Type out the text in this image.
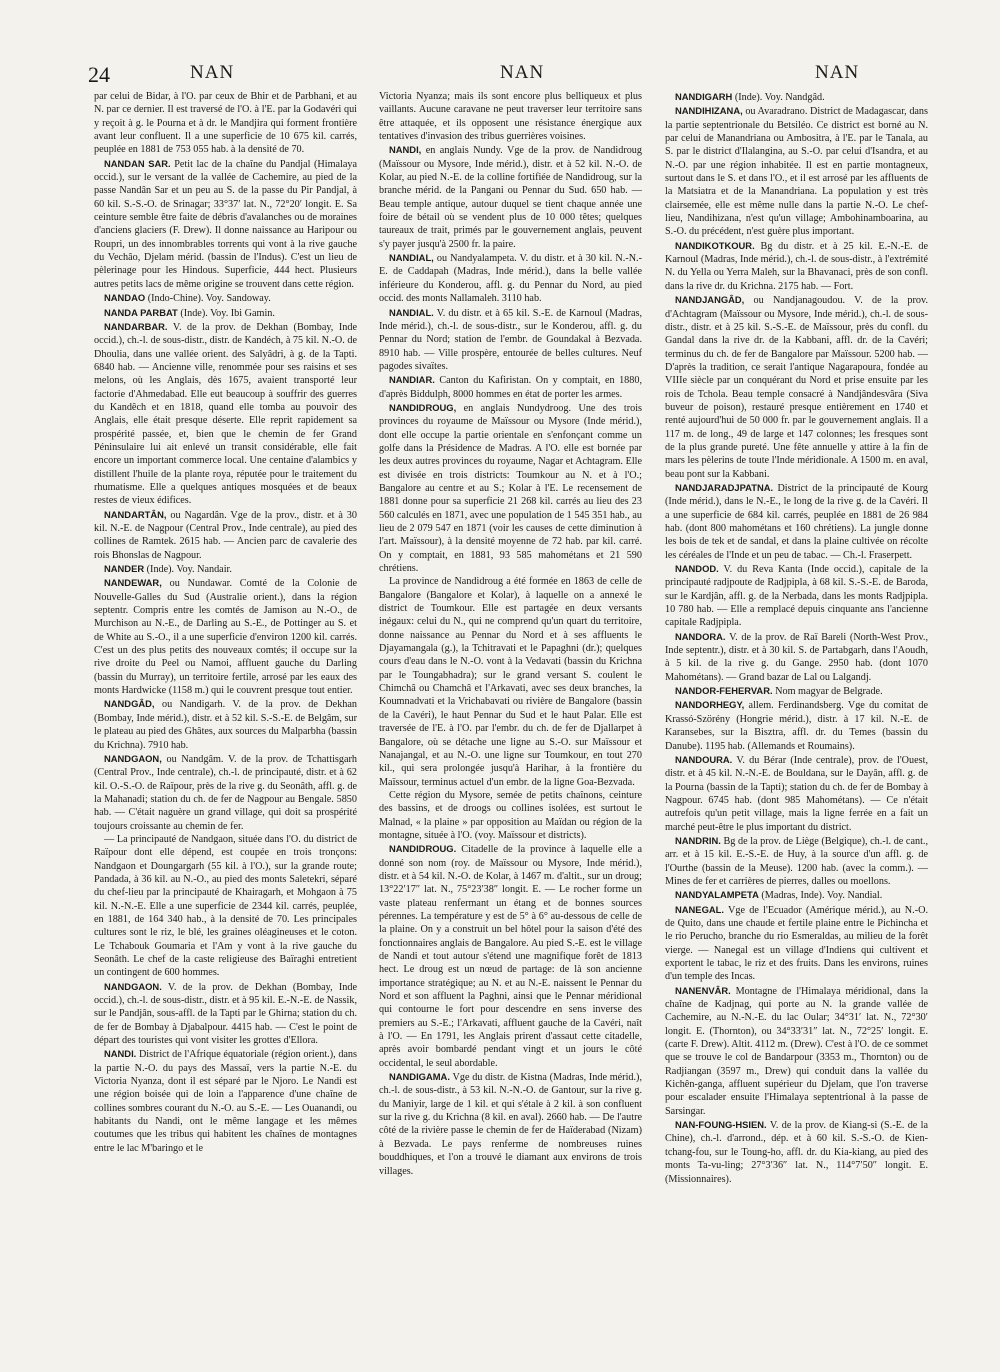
24	NAN	NAN	NAN

par celui de Bidar, à l'O. par ceux de Bhir et de Parbhani, et au N. par ce dernier. Il est traversé de l'O. à l'E. par la Godavéri qui y reçoit à g. le Pourna et à dr. le Mandjira qui forment frontière avant leur confluent. Il a une superficie de 10 675 kil. carrés, peuplée en 1881 de 753 055 hab. à la densité de 70.

NANDAN SAR. Petit lac de la chaîne du Pandjal (Himalaya occid.), sur le versant de la vallée de Cachemire, au pied de la passe Nandân Sar et un peu au S. de la passe du Pir Pandjal, à 60 kil. S.-S.-O. de Srinagar; 33°37′ lat. N., 72°20′ longit. E. Sa ceinture semble être faite de débris d'avalanches ou de moraines d'anciens glaciers (F. Drew). Il donne naissance au Haripour ou Roupri, un des innombrables torrents qui vont à la rive gauche du Vechâo, Djelam mérid. (bassin de l'Indus). C'est un lieu de pèlerinage pour les Hindous. Superficie, 444 hect. Plusieurs autres petits lacs de même origine se trouvent dans cette région.

NANDAO (Indo-Chine). Voy. Sandoway.

NANDA PARBAT (Inde). Voy. Ibi Gamin.

NANDARBAR. V. de la prov. de Dekhan (Bombay, Inde occid.), ch.-l. de sous-distr., distr. de Kandéch, à 75 kil. N.-O. de Dhoulia, dans une vallée orient. des Salyâdri, à g. de la Tapti. 6840 hab. — Ancienne ville, renommée pour ses raisins et ses melons, où les Anglais, dès 1675, avaient transporté leur factorie d'Ahmedabad. Elle eut beaucoup à souffrir des guerres du Kandêch et en 1818, quand elle tomba au pouvoir des Anglais, elle était presque déserte. Elle reprit rapidement sa prospérité passée, et, bien que le chemin de fer Grand Péninsulaire lui ait enlevé un transit considérable, elle fait encore un important commerce local. Une centaine d'alambics y distillent l'huile de la plante roya, réputée pour le traitement du rhumatisme. Elle a quelques antiques mosquées et de beaux restes de vieux édifices.

NANDARTÂN, ou Nagardân. Vge de la prov., distr. et à 30 kil. N.-E. de Nagpour (Central Prov., Inde centrale), au pied des collines de Ramtek. 2615 hab. — Ancien parc de cavalerie des rois Bhonslas de Nagpour.

NANDER (Inde). Voy. Nandair.

NANDEWAR, ou Nundawar. Comté de la Colonie de Nouvelle-Galles du Sud (Australie orient.), dans la région septentr. Compris entre les comtés de Jamison au N.-O., de Murchison au N.-E., de Darling au S.-E., de Pottinger au S. et de White au S.-O., il a une superficie d'environ 1200 kil. carrés. C'est un des plus petits des nouveaux comtés; il occupe sur la rive droite du Peel ou Namoi, affluent gauche du Darling (bassin du Murray), un territoire fertile, arrosé par les eaux des monts Hardwicke (1158 m.) qui le couvrent presque tout entier.

NANDGÂD, ou Nandigarh. V. de la prov. de Dekhan (Bombay, Inde mérid.), distr. et à 52 kil. S.-S.-E. de Belgâm, sur le plateau au pied des Ghâtes, aux sources du Malparbha (bassin du Krichna). 7910 hab.

NANDGAON, ou Nandgâm. V. de la prov. de Tchattisgarh (Central Prov., Inde centrale), ch.-l. de principauté, distr. et à 62 kil. O.-S.-O. de Raïpour, près de la rive g. du Seonâth, affl. g. de la Mahanadi; station du ch. de fer de Nagpour au Bengale. 5850 hab. — C'était naguère un grand village, qui doit sa prospérité toujours croissante au chemin de fer.

— La principauté de Nandgaon, située dans l'O. du district de Raïpour dont elle dépend, est coupée en trois tronçons: Nandgaon et Doungargarh (55 kil. à l'O.), sur la grande route; Pandada, à 36 kil. au N.-O., au pied des monts Saletekri, séparé du chef-lieu par la principauté de Khairagarh, et Mohgaon à 75 kil. N.-N.-E. Elle a une superficie de 2344 kil. carrés, peuplée, en 1881, de 164 340 hab., à la densité de 70. Les principales cultures sont le riz, le blé, les graines oléagineuses et le coton. Le Tchabouk Goumaria et l'Am y vont à la rive gauche du Seonâth. Le chef de la caste religieuse des Baïraghi entretient un contingent de 600 hommes.

NANDGAON. V. de la prov. de Dekhan (Bombay, Inde occid.), ch.-l. de sous-distr., distr. et à 95 kil. E.-N.-E. de Nassik, sur le Pandjân, sous-affl. de la Tapti par le Ghirna; station du ch. de fer de Bombay à Djabalpour. 4415 hab. — C'est le point de départ des touristes qui vont visiter les grottes d'Ellora.

NANDI. District de l'Afrique équatoriale (région orient.), dans la partie N.-O. du pays des Massaï, vers la partie N.-E. du Victoria Nyanza, dont il est séparé par le Njoro. Le Nandi est une région boisée qui de loin a l'apparence d'une chaîne de collines sombres courant du N.-O. au S.-E. — Les Ouanandi, ou habitants du Nandi, ont le même langage et les mêmes coutumes que les tribus qui habitent les chaînes de montagnes entre le lac M'baringo et le

Victoria Nyanza; mais ils sont encore plus belliqueux et plus vaillants. Aucune caravane ne peut traverser leur territoire sans être attaquée, et ils opposent une résistance énergique aux tentatives d'invasion des tribus guerrières voisines.

NANDI, en anglais Nundy. Vge de la prov. de Nandidroug (Maïssour ou Mysore, Inde mérid.), distr. et à 52 kil. N.-O. de Kolar, au pied N.-E. de la colline fortifiée de Nandidroug, sur la branche mérid. de la Pangani ou Pennar du Sud. 650 hab. — Beau temple antique, autour duquel se tient chaque année une foire de bétail où se vendent plus de 10 000 têtes; quelques taureaux de trait, primés par le gouvernement anglais, peuvent s'y payer jusqu'à 2500 fr. la paire.

NANDIAL, ou Nandyalampeta. V. du distr. et à 30 kil. N.-N.-E. de Caddapah (Madras, Inde mérid.), dans la belle vallée inférieure du Konderou, affl. g. du Pennar du Nord, au pied occid. des monts Nallamaleh. 3110 hab.

NANDIAL. V. du distr. et à 65 kil. S.-E. de Karnoul (Madras, Inde mérid.), ch.-l. de sous-distr., sur le Konderou, affl. g. du Pennar du Nord; station de l'embr. de Goundakal à Bezvada. 8910 hab. — Ville prospère, entourée de belles cultures. Neuf pagodes sivaïtes.

NANDIAR. Canton du Kafiristan. On y comptait, en 1880, d'après Biddulph, 8000 hommes en état de porter les armes.

NANDIDROUG, en anglais Nundydroog. Une des trois provinces du royaume de Maïssour ou Mysore (Inde mérid.), dont elle occupe la partie orientale en s'enfonçant comme un golfe dans la Présidence de Madras. A l'O. elle est bornée par les deux autres provinces du royaume, Nagar et Achtagram. Elle est divisée en trois districts: Toumkour au N. et à l'O.; Bangalore au centre et au S.; Kolar à l'E. Le recensement de 1881 donne pour sa superficie 21 268 kil. carrés au lieu des 23 560 calculés en 1871, avec une population de 1 545 351 hab., au lieu de 2 079 547 en 1871 (voir les causes de cette diminution à l'art. Maïssour), à la densité moyenne de 72 hab. par kil. carré. On y comptait, en 1881, 93 585 mahométans et 21 590 chrétiens.

La province de Nandidroug a été formée en 1863 de celle de Bangalore (Bangalore et Kolar), à laquelle on a annexé le district de Toumkour. Elle est partagée en deux versants inégaux: celui du N., qui ne comprend qu'un quart du territoire, donne naissance au Pennar du Nord et à ses affluents le Djayamangala (g.), la Tchitravati et le Papaghni (dr.); quelques cours d'eau dans le N.-O. vont à la Vedavati (bassin du Krichna par le Toungabhadra); sur le grand versant S. coulent le Chimchâ ou Chamchâ et l'Arkavati, avec ses deux branches, la Koumnadvati et la Vrichabavati ou rivière de Bangalore (bassin de la Cavéri), le haut Pennar du Sud et le haut Palar. Elle est traversée de l'E. à l'O. par l'embr. du ch. de fer de Djallarpet à Bangalore, où se détache une ligne au S.-O. sur Maïssour et Nanajangal, et au N.-O. une ligne sur Toumkour, en tout 270 kil., qui sera prolongée jusqu'à Harihar, à la frontière du Maïssour, terminus actuel d'un embr. de la ligne Goa-Bezvada.

Cette région du Mysore, semée de petits chaînons, ceinture des bassins, et de droogs ou collines isolées, est surtout le Malnad, « la plaine » par opposition au Maïdan ou région de la montagne, située à l'O. (voy. Maïssour et districts).

NANDIDROUG. Citadelle de la province à laquelle elle a donné son nom (roy. de Maïssour ou Mysore, Inde mérid.), distr. et à 54 kil. N.-O. de Kolar, à 1467 m. d'altit., sur un droug; 13°22′17″ lat. N., 75°23′38″ longit. E. — Le rocher forme un vaste plateau renfermant un étang et de bonnes sources pérennes. La température y est de 5° à 6° au-dessous de celle de la plaine. On y a construit un bel hôtel pour la saison d'été des fonctionnaires anglais de Bangalore. Au pied S.-E. est le village de Nandi et tout autour s'étend une magnifique forêt de 1813 hect. Le droug est un nœud de partage: de là son ancienne importance stratégique; au N. et au N.-E. naissent le Pennar du Nord et son affluent la Paghni, ainsi que le Pennar méridional qui contourne le fort pour descendre en sens inverse des premiers au S.-E.; l'Arkavati, affluent gauche de la Cavéri, naît à l'O. — En 1791, les Anglais prirent d'assaut cette citadelle, après avoir bombardé pendant vingt et un jours le côté occidental, le seul abordable.

NANDIGAMA. Vge du distr. de Kistna (Madras, Inde mérid.), ch.-l. de sous-distr., à 53 kil. N.-N.-O. de Gantour, sur la rive g. du Maniyir, large de 1 kil. et qui s'étale à 2 kil. à son confluent sur la rive g. du Krichna (8 kil. en aval). 2660 hab. — De l'autre côté de la rivière passe le chemin de fer de Haïderabad (Nizam) à Bezvada. Le pays renferme de nombreuses ruines bouddhiques, et l'on a trouvé le diamant aux environs de trois villages.

NANDIGARH (Inde). Voy. Nandgâd.

NANDIHIZANA, ou Avaradrano. District de Madagascar, dans la partie septentrionale du Betsiléo. Ce district est borné au N. par celui de Manandriana ou Ambositra, à l'E. par le Tanala, au S. par le district d'Ilalangina, au S.-O. par celui d'Isandra, et au N.-O. par une région inhabitée. Il est en partie montagneux, surtout dans le S. et dans l'O., et il est arrosé par les affluents de la Matsiatra et de la Manandriana. La population y est très clairsemée, elle est même nulle dans la partie N.-O. Le chef-lieu, Nandihizana, n'est qu'un village; Ambohinamboarina, au S.-O. du précédent, n'est guère plus important.

NANDIKOTKOUR. Bg du distr. et à 25 kil. E.-N.-E. de Karnoul (Madras, Inde mérid.), ch.-l. de sous-distr., à l'extrémité N. du Yella ou Yerra Maleh, sur la Bhavanaci, près de son confl. dans la rive dr. du Krichna. 2175 hab. — Fort.

NANDJANGÂD, ou Nandjanagoudou. V. de la prov. d'Achtagram (Maïssour ou Mysore, Inde mérid.), ch.-l. de sous-distr., distr. et à 25 kil. S.-S.-E. de Maïssour, près du confl. du Gandal dans la rive dr. de la Kabbani, affl. dr. de la Cavéri; terminus du ch. de fer de Bangalore par Maïssour. 5200 hab. — D'après la tradition, ce serait l'antique Nagarapoura, fondée au VIIIe siècle par un conquérant du Nord et prise ensuite par les rois de Tchola. Beau temple consacré à Nandjândesvâra (Siva buveur de poison), restauré presque entièrement en 1740 et renté aujourd'hui de 50 000 fr. par le gouvernement anglais. Il a 117 m. de long., 49 de large et 147 colonnes; les fresques sont de la plus grande pureté. Une fête annuelle y attire à la fin de mars les pèlerins de toute l'Inde méridionale. A 1500 m. en aval, beau pont sur la Kabbani.

NANDJARADJPATNA. District de la principauté de Kourg (Inde mérid.), dans le N.-E., le long de la rive g. de la Cavéri. Il a une superficie de 684 kil. carrés, peuplée en 1881 de 26 984 hab. (dont 800 mahométans et 160 chrétiens). La jungle donne les bois de tek et de sandal, et dans la plaine cultivée on récolte les céréales de l'Inde et un peu de tabac. — Ch.-l. Fraserpett.

NANDOD. V. du Reva Kanta (Inde occid.), capitale de la principauté radjpoute de Radjpipla, à 68 kil. S.-S.-E. de Baroda, sur le Kardjân, affl. g. de la Nerbada, dans les monts Radjpipla. 10 780 hab. — Elle a remplacé depuis cinquante ans l'ancienne capitale Radjpipla.

NANDORA. V. de la prov. de Raï Bareli (North-West Prov., Inde septentr.), distr. et à 30 kil. S. de Partabgarh, dans l'Aoudh, à 5 kil. de la rive g. du Gange. 2950 hab. (dont 1070 Mahométans). — Grand bazar de Lal ou Lalgandj.

NANDOR-FEHERVAR. Nom magyar de Belgrade.

NANDORHEGY, allem. Ferdinandsberg. Vge du comitat de Krassó-Szörény (Hongrie mérid.), distr. à 17 kil. N.-E. de Karansebes, sur la Bisztra, affl. dr. du Temes (bassin du Danube). 1195 hab. (Allemands et Roumains).

NANDOURA. V. du Bérar (Inde centrale), prov. de l'Ouest, distr. et à 45 kil. N.-N.-E. de Bouldana, sur le Dayân, affl. g. de la Pourna (bassin de la Tapti); station du ch. de fer de Bombay à Nagpour. 6745 hab. (dont 985 Mahométans). — Ce n'était autrefois qu'un petit village, mais la ligne ferrée en a fait un marché peut-être le plus important du district.

NANDRIN. Bg de la prov. de Liège (Belgique), ch.-l. de cant., arr. et à 15 kil. E.-S.-E. de Huy, à la source d'un affl. g. de l'Ourthe (bassin de la Meuse). 1200 hab. (avec la comm.). — Mines de fer et carrières de pierres, dalles ou moellons.

NANDYALAMPETA (Madras, Inde). Voy. Nandial.

NANEGAL. Vge de l'Ecuador (Amérique mérid.), au N.-O. de Quito, dans une chaude et fertile plaine entre le Pichincha et le rio Perucho, branche du rio Esmeraldas, au milieu de la forêt vierge. — Nanegal est un village d'Indiens qui cultivent et exportent le tabac, le riz et des fruits. Dans les environs, ruines d'un temple des Incas.

NANENVÂR. Montagne de l'Himalaya méridional, dans la chaîne de Kadjnag, qui porte au N. la grande vallée de Cachemire, au N.-N.-E. du lac Oular; 34°31′ lat. N., 72°30′ longit. E. (Thornton), ou 34°33′31″ lat. N., 72°25′ longit. E. (carte F. Drew). Altit. 4112 m. (Drew). C'est à l'O. de ce sommet que se trouve le col de Bandarpour (3353 m., Thornton) ou de Radjiangan (3597 m., Drew) qui conduit dans la vallée du Kichên-ganga, affluent supérieur du Djelam, que l'on traverse pour escalader ensuite l'Himalaya septentrional à la passe de Sarsingar.

NAN-FOUNG-HSIEN. V. de la prov. de Kiang-si (S.-E. de la Chine), ch.-l. d'arrond., dép. et à 60 kil. S.-S.-O. de Kien-tchang-fou, sur le Toung-ho, affl. dr. du Kia-kiang, au pied des monts Ta-vu-ling; 27°3′36″ lat. N., 114°7′50″ longit. E. (Missionnaires).
